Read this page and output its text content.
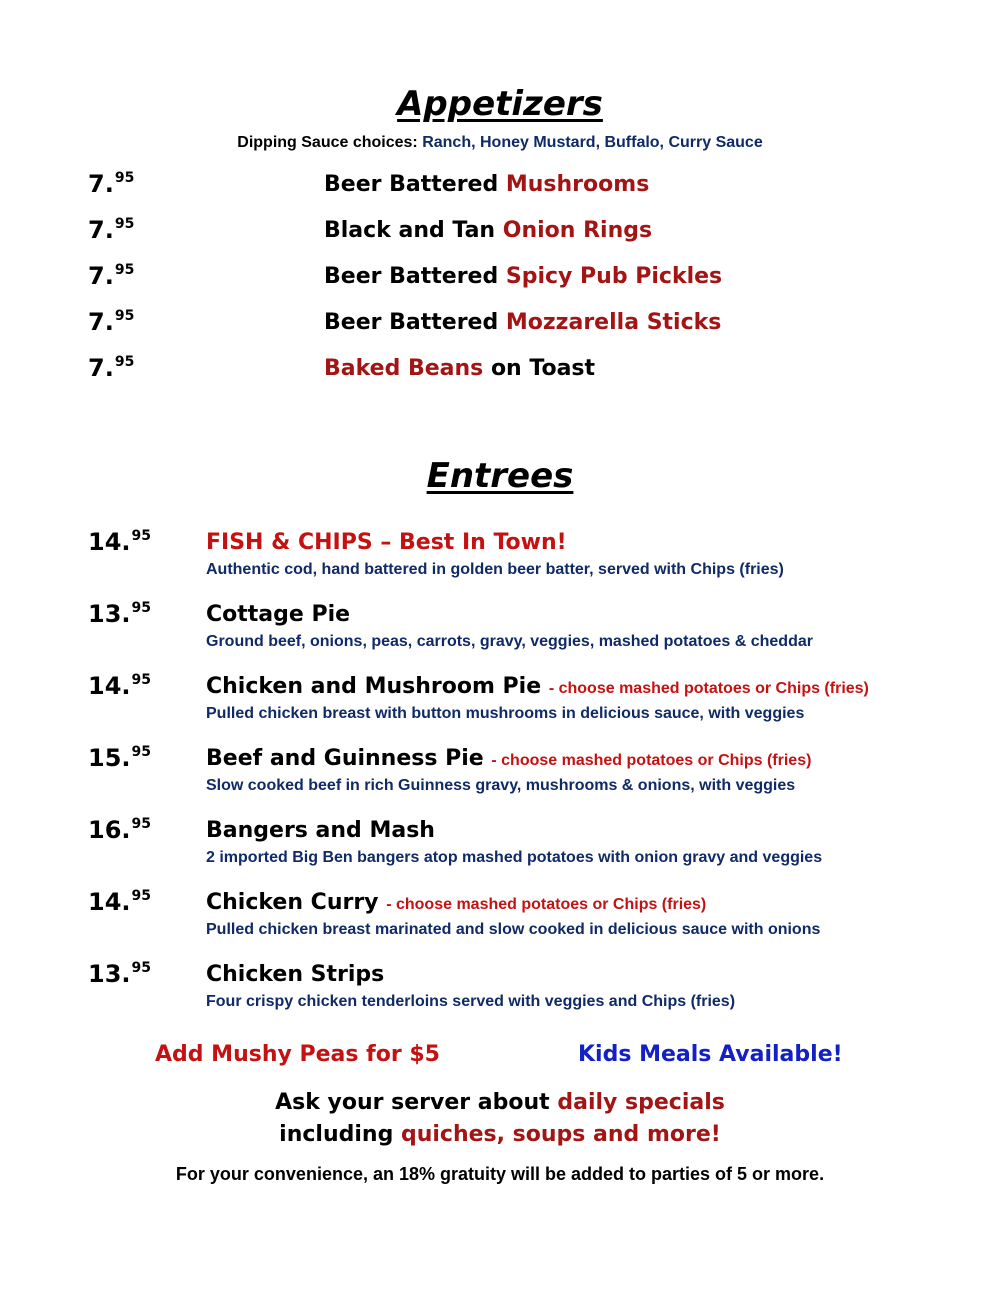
Appetizers
Dipping Sauce choices: Ranch, Honey Mustard, Buffalo, Curry Sauce
7.95	Beer Battered Mushrooms
7.95	Black and Tan Onion Rings
7.95	Beer Battered Spicy Pub Pickles
7.95	Beer Battered Mozzarella Sticks
7.95	Baked Beans on Toast
Entrees
14.95	FISH & CHIPS – Best In Town!
Authentic cod, hand battered in golden beer batter, served with Chips (fries)
13.95	Cottage Pie
Ground beef, onions, peas, carrots, gravy, veggies, mashed potatoes & cheddar
14.95	Chicken and Mushroom Pie - choose mashed potatoes or Chips (fries)
Pulled chicken breast with button mushrooms in delicious sauce, with veggies
15.95	Beef and Guinness Pie - choose mashed potatoes or Chips (fries)
Slow cooked beef in rich Guinness gravy, mushrooms & onions, with veggies
16.95	Bangers and Mash
2 imported Big Ben bangers atop mashed potatoes with onion gravy and veggies
14.95	Chicken Curry - choose mashed potatoes or Chips (fries)
Pulled chicken breast marinated and slow cooked in delicious sauce with onions
13.95	Chicken Strips
Four crispy chicken tenderloins served with veggies and Chips (fries)
Add Mushy Peas for $5	Kids Meals Available!
Ask your server about daily specials
including quiches, soups and more!
For your convenience, an 18% gratuity will be added to parties of 5 or more.
